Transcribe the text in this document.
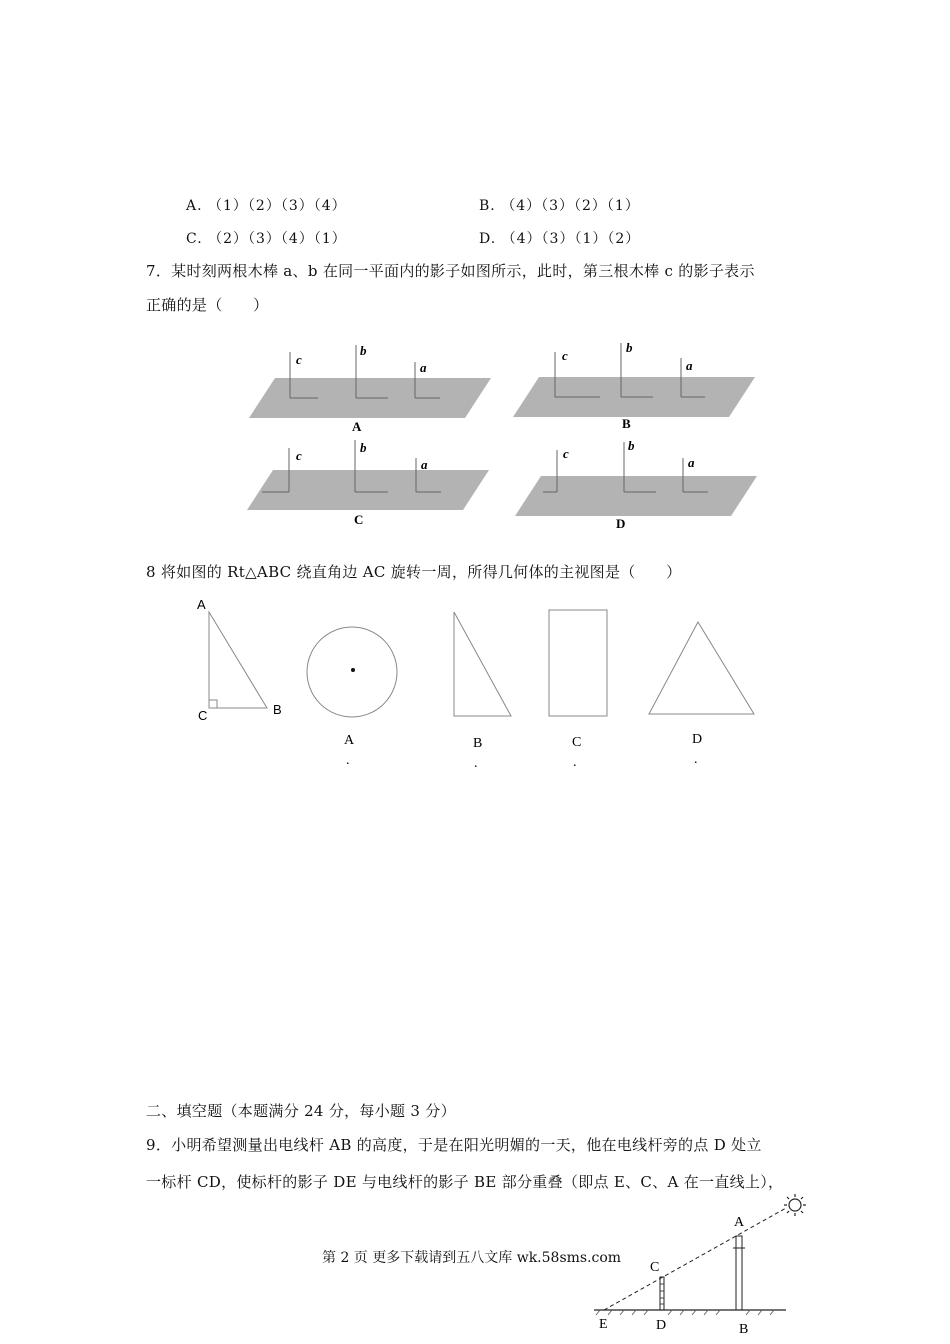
A. （1）（2）（3）（4）	B. （4）（3）（2）（1）
C. （2）（3）（4）（1）	D. （4）（3）（1）（2）
7．某时刻两根木棒 a、b 在同一平面内的影子如图所示，此时，第三根木棒 c 的影子表示
正确的是（　　）
c
b
a
A
c
b
a
B
c
b
a
C
c
b
a
D
8 将如图的 Rt△ABC 绕直角边 AC 旋转一周，所得几何体的主视图是（　　）
A
B
C
A
.
B
.
C
.
D
.
二、填空题（本题满分 24 分，每小题 3 分）
9．小明希望测量出电线杆 AB 的高度，于是在阳光明媚的一天，他在电线杆旁的点 D 处立
一标杆 CD，使标杆的影子 DE 与电线杆的影子 BE 部分重叠（即点 E、C、A 在一直线上），
A
B
C
D
E
第 2 页 更多下载请到五八文库 wk.58sms.com
